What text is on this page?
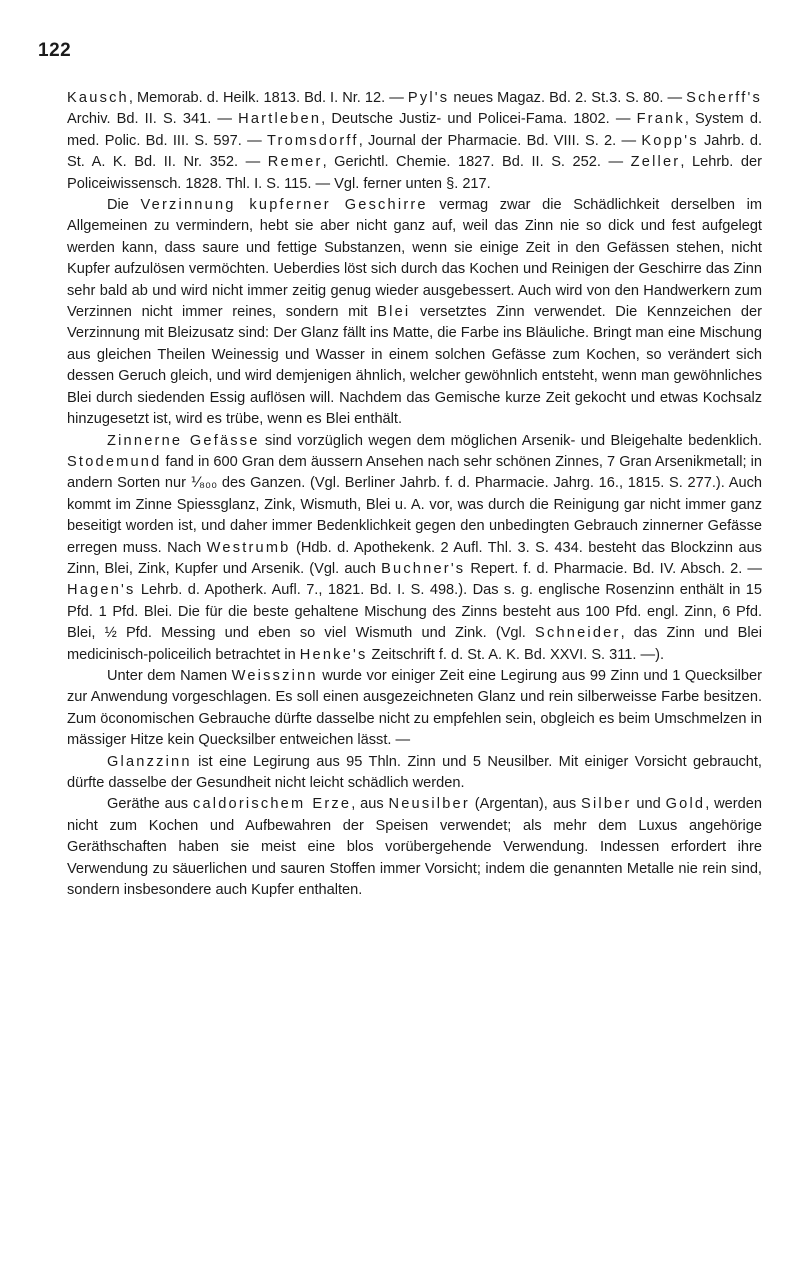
122

Kausch, Memorab. d. Heilk. 1813. Bd. I. Nr. 12. — Pyl's neues Magaz. Bd. 2. St.3. S. 80. — Scherff's Archiv. Bd. II. S. 341. — Hartleben, Deutsche Justiz- und Policei-Fama. 1802. — Frank, System d. med. Polic. Bd. III. S. 597. — Tromsdorff, Journal der Pharmacie. Bd. VIII. S. 2. — Kopp's Jahrb. d. St. A. K. Bd. II. Nr. 352. — Remer, Gerichtl. Chemie. 1827. Bd. II. S. 252. — Zeller, Lehrb. der Policeiwissensch. 1828. Thl. I. S. 115. — Vgl. ferner unten §. 217.

Die Verzinnung kupferner Geschirre vermag zwar die Schädlichkeit derselben im Allgemeinen zu vermindern, hebt sie aber nicht ganz auf, weil das Zinn nie so dick und fest aufgelegt werden kann, dass saure und fettige Substanzen, wenn sie einige Zeit in den Gefässen stehen, nicht Kupfer aufzulösen vermöchten. Ueberdies löst sich durch das Kochen und Reinigen der Geschirre das Zinn sehr bald ab und wird nicht immer zeitig genug wieder ausgebessert. Auch wird von den Handwerkern zum Verzinnen nicht immer reines, sondern mit Blei versetztes Zinn verwendet. Die Kennzeichen der Verzinnung mit Bleizusatz sind: Der Glanz fällt ins Matte, die Farbe ins Bläuliche. Bringt man eine Mischung aus gleichen Theilen Weinessig und Wasser in einem solchen Gefässe zum Kochen, so verändert sich dessen Geruch gleich, und wird demjenigen ähnlich, welcher gewöhnlich entsteht, wenn man gewöhnliches Blei durch siedenden Essig auflösen will. Nachdem das Gemische kurze Zeit gekocht und etwas Kochsalz hinzugesetzt ist, wird es trübe, wenn es Blei enthält.

Zinnerne Gefässe sind vorzüglich wegen dem möglichen Arsenik- und Bleigehalte bedenklich. Stodemund fand in 600 Gran dem äussern Ansehen nach sehr schönen Zinnes, 7 Gran Arsenikmetall; in andern Sorten nur ⅟₈₀₀ des Ganzen. (Vgl. Berliner Jahrb. f. d. Pharmacie. Jahrg. 16., 1815. S. 277.). Auch kommt im Zinne Spiessglanz, Zink, Wismuth, Blei u. A. vor, was durch die Reinigung gar nicht immer ganz beseitigt worden ist, und daher immer Bedenklichkeit gegen den unbedingten Gebrauch zinnerner Gefässe erregen muss. Nach Westrumb (Hdb. d. Apothekenk. 2 Aufl. Thl. 3. S. 434. besteht das Blockzinn aus Zinn, Blei, Zink, Kupfer und Arsenik. (Vgl. auch Buchner's Repert. f. d. Pharmacie. Bd. IV. Absch. 2. — Hagen's Lehrb. d. Apotherk. Aufl. 7., 1821. Bd. I. S. 498.). Das s. g. englische Rosenzinn enthält in 15 Pfd. 1 Pfd. Blei. Die für die beste gehaltene Mischung des Zinns besteht aus 100 Pfd. engl. Zinn, 6 Pfd. Blei, ½ Pfd. Messing und eben so viel Wismuth und Zink. (Vgl. Schneider, das Zinn und Blei medicinisch-policeilich betrachtet in Henke's Zeitschrift f. d. St. A. K. Bd. XXVI. S. 311. —).

Unter dem Namen Weisszinn wurde vor einiger Zeit eine Legirung aus 99 Zinn und 1 Quecksilber zur Anwendung vorgeschlagen. Es soll einen ausgezeichneten Glanz und rein silberweisse Farbe besitzen. Zum öconomischen Gebrauche dürfte dasselbe nicht zu empfehlen sein, obgleich es beim Umschmelzen in mässiger Hitze kein Quecksilber entweichen lässt. —

Glanzzinn ist eine Legirung aus 95 Thln. Zinn und 5 Neusilber. Mit einiger Vorsicht gebraucht, dürfte dasselbe der Gesundheit nicht leicht schädlich werden.

Geräthe aus caldorischem Erze, aus Neusilber (Argentan), aus Silber und Gold, werden nicht zum Kochen und Aufbewahren der Speisen verwendet; als mehr dem Luxus angehörige Geräthschaften haben sie meist eine blos vorübergehende Verwendung. Indessen erfordert ihre Verwendung zu säuerlichen und sauren Stoffen immer Vorsicht; indem die genannten Metalle nie rein sind, sondern insbesondere auch Kupfer enthalten.
